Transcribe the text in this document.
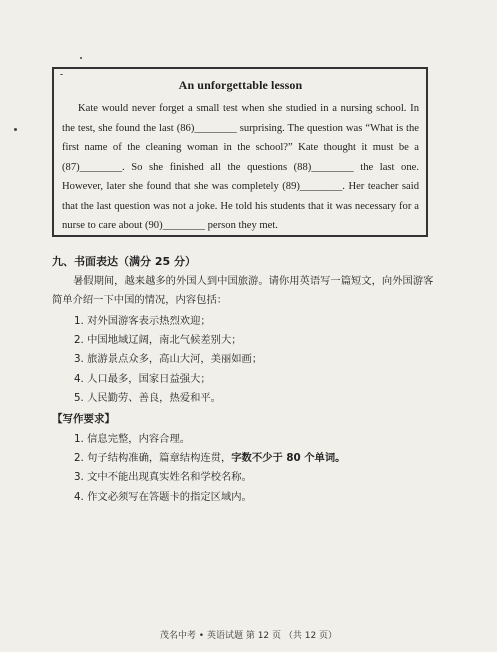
An unforgettable lesson

Kate would never forget a small test when she studied in a nursing school. In the test, she found the last (86)________ surprising. The question was “What is the first name of the cleaning woman in the school?” Kate thought it must be a (87)________. So she finished all the questions (88)________ the last one. However, later she found that she was completely (89)________. Her teacher said that the last question was not a joke. He told his students that it was necessary for a nurse to care about (90)________ person they met.

九、书面表达（满分 25 分）

暑假期间，越来越多的外国人到中国旅游。请你用英语写一篇短文，向外国游客简单介绍一下中国的情况，内容包括：

1. 对外国游客表示热烈欢迎；
2. 中国地域辽阔，南北气候差别大；
3. 旅游景点众多，高山大河，美丽如画；
4. 人口最多，国家日益强大；
5. 人民勤劳、善良，热爱和平。
【写作要求】
1. 信息完整，内容合理。
2. 句子结构准确，篇章结构连贯，字数不少于 80 个单词。
3. 文中不能出现真实姓名和学校名称。
4. 作文必须写在答题卡的指定区域内。
茂名中考 • 英语试题 第 12 页 （共 12 页）
